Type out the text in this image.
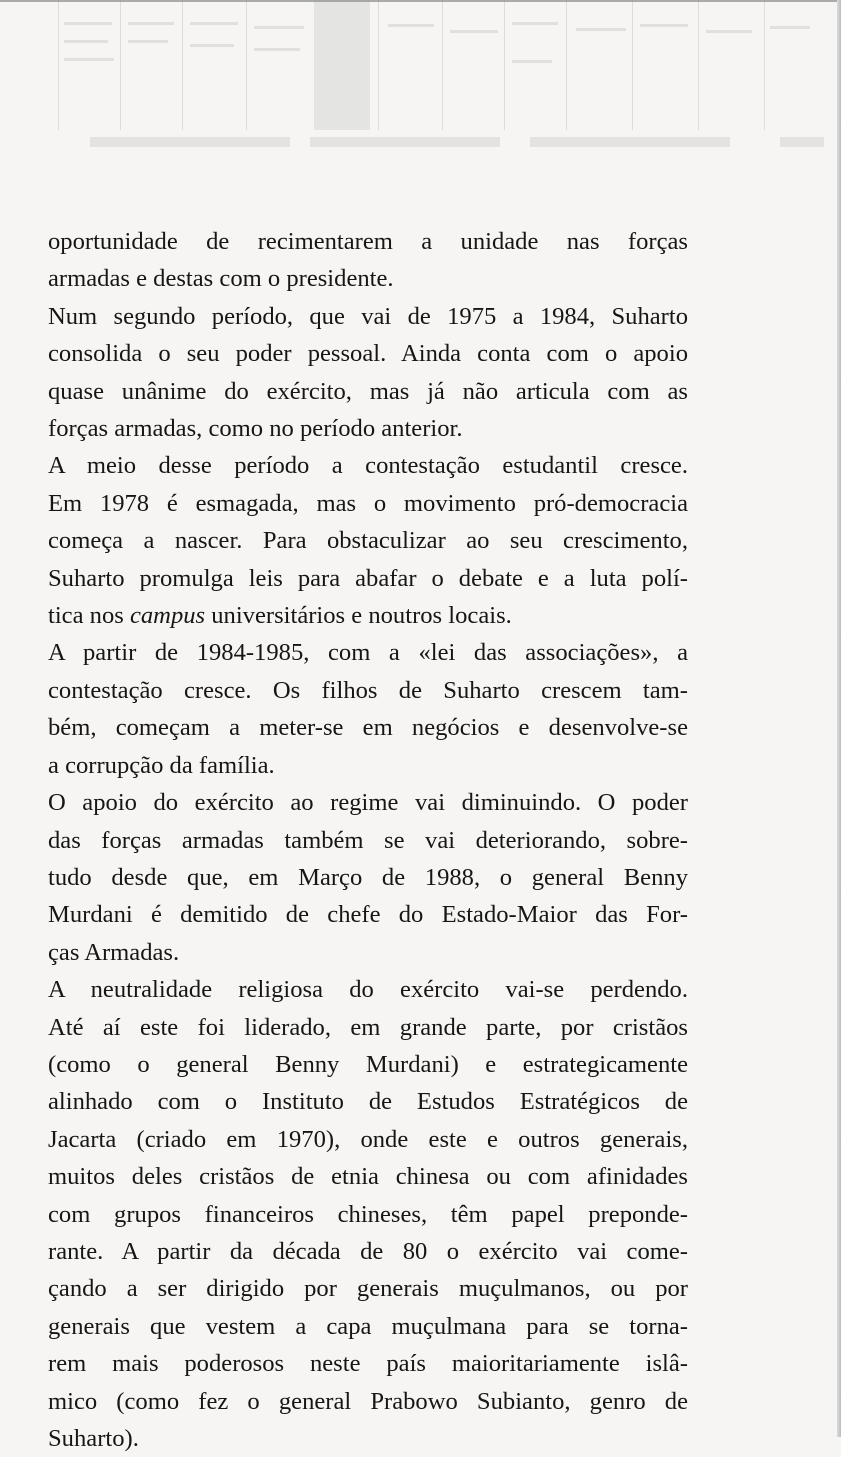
oportunidade de recimentarem a unidade nas forças
armadas e destas com o presidente.

Num segundo período, que vai de 1975 a 1984, Suharto
consolida o seu poder pessoal. Ainda conta com o apoio
quase unânime do exército, mas já não articula com as
forças armadas, como no período anterior.

A meio desse período a contestação estudantil cresce.
Em 1978 é esmagada, mas o movimento pró-democracia
começa a nascer. Para obstaculizar ao seu crescimento,
Suharto promulga leis para abafar o debate e a luta polí-
tica nos campus universitários e noutros locais.

A partir de 1984-1985, com a «lei das associações», a
contestação cresce. Os filhos de Suharto crescem tam-
bém, começam a meter-se em negócios e desenvolve-se
a corrupção da família.

O apoio do exército ao regime vai diminuindo. O poder
das forças armadas também se vai deteriorando, sobre-
tudo desde que, em Março de 1988, o general Benny
Murdani é demitido de chefe do Estado-Maior das For-
ças Armadas.

A neutralidade religiosa do exército vai-se perdendo.
Até aí este foi liderado, em grande parte, por cristãos
(como o general Benny Murdani) e estrategicamente
alinhado com o Instituto de Estudos Estratégicos de
Jacarta (criado em 1970), onde este e outros generais,
muitos deles cristãos de etnia chinesa ou com afinidades
com grupos financeiros chineses, têm papel prepondе-
rante. A partir da década de 80 o exército vai come-
çando a ser dirigido por generais muçulmanos, ou por
generais que vestem a capa muçulmana para se torna-
rem mais poderosos neste país maioritariamente islâ-
mico (como fez o general Prabowo Subianto, genro de
Suharto).
